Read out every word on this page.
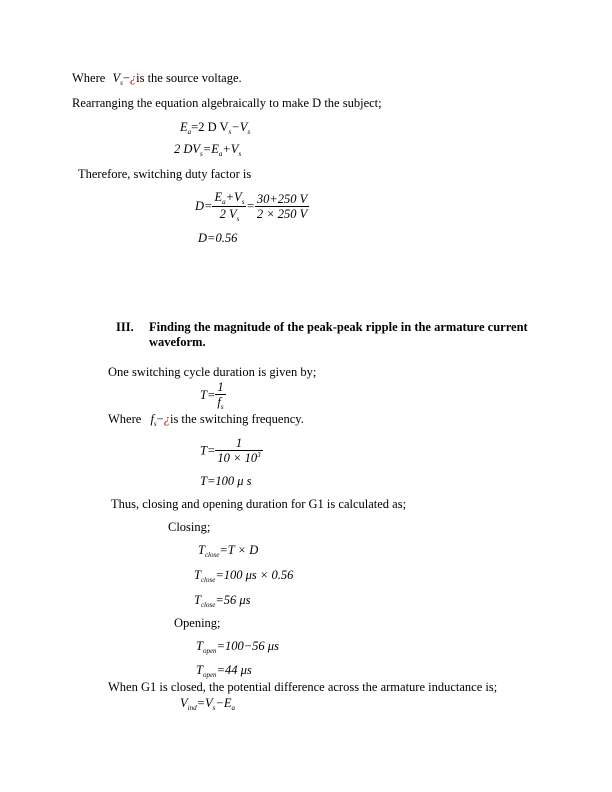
Where $V_s-¿is$ the source voltage.
Rearranging the equation algebraically to make D the subject;
$E_a=2$ D $V_s-V_s$
2 $DV_s=E_a+V_s$
Therefore, switching duty factor is
$D= \frac{E_a+V_s}{2 V_s} = \frac{30+250 V}{2 \times 250 V}$
D=0.56
III. Finding the magnitude of the peak-peak ripple in the armature current
waveform.
One switching cycle duration is given by;
$T= \frac{1}{f_s}$
Where $f_s-¿is$ the switching frequency.
$T= \frac{1}{10 \times 10^3}$
T=100 μ s
Thus, closing and opening duration for G1 is calculated as;
Closing;
$T_{close}=T \times D$
$T_{close}=100$ μs × 0.56
$T_{close}=56$ μs
Opening;
$T_{open}=100-56$ μs
$T_{open}=44$ μs
When G1 is closed, the potential difference across the armature inductance is;
$V_{ind}=V_s-E_a$
